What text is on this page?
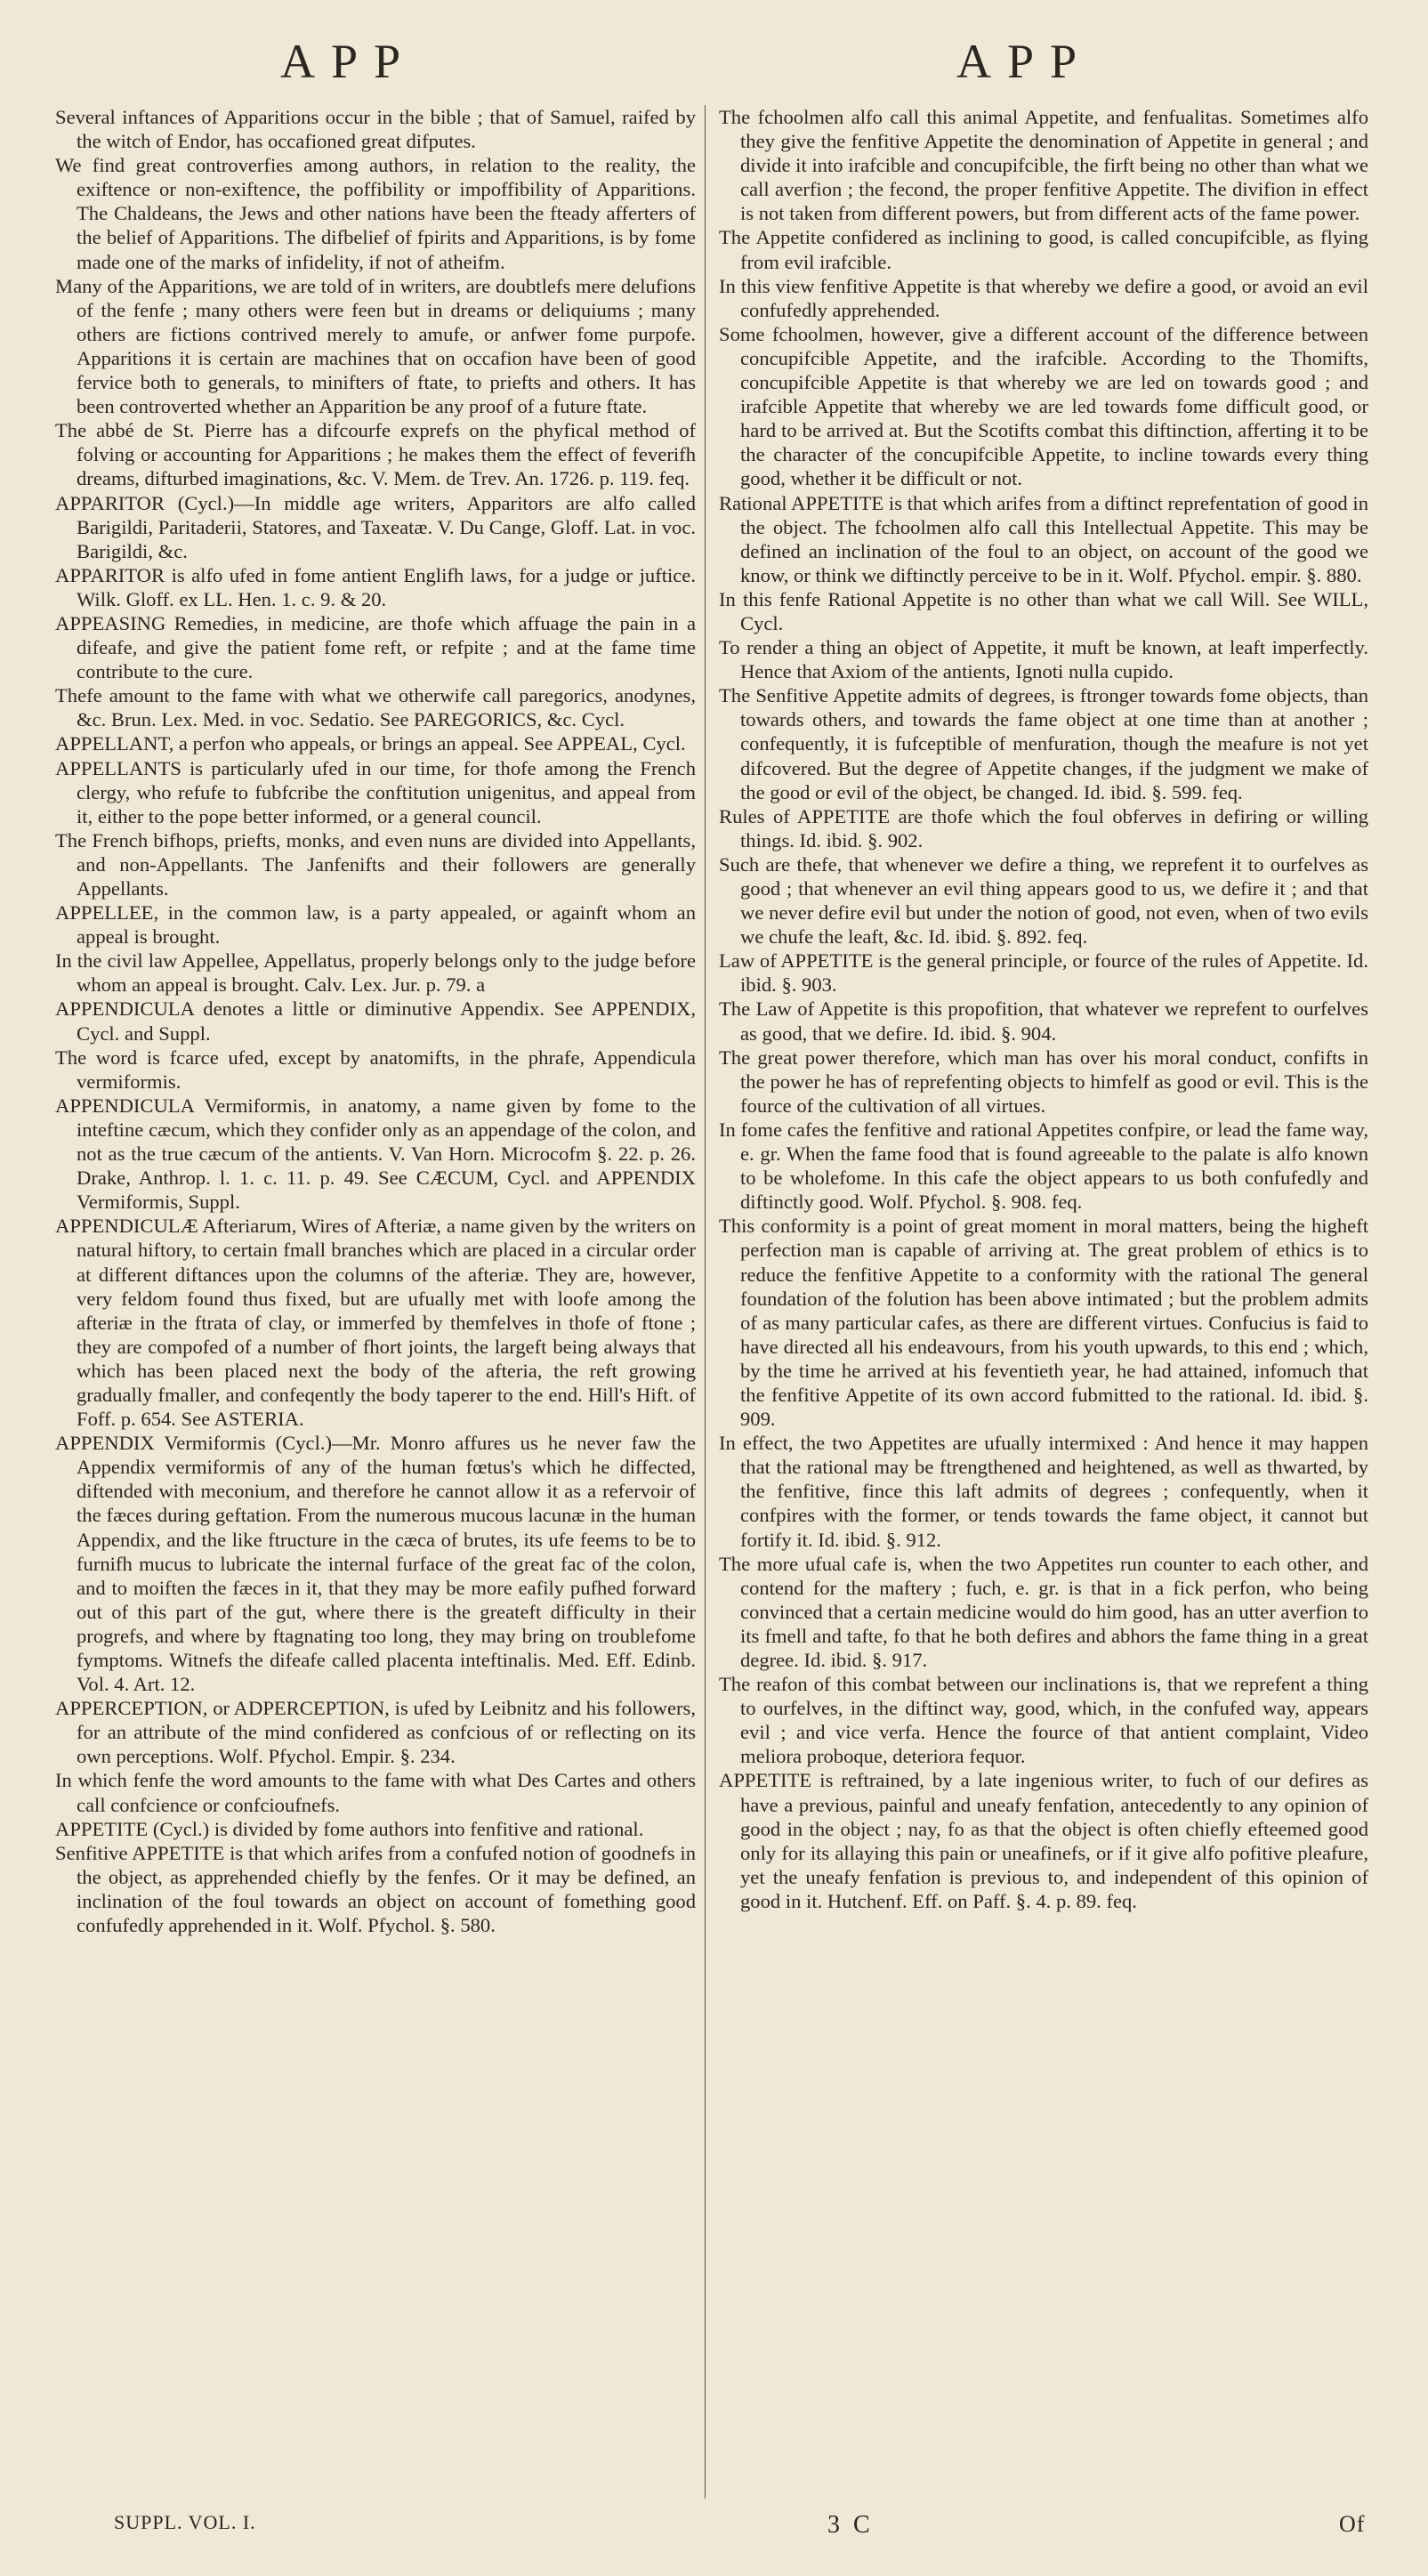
APP	APP

Several inftances of Apparitions occur in the bible ; that of Samuel, raifed by the witch of Endor, has occafioned great difputes.

We find great controverfies among authors, in relation to the reality, the exiftence or non-exiftence, the poffibility or impoffibility of Apparitions. The Chaldeans, the Jews and other nations have been the fteady afferters of the belief of Apparitions. The difbelief of fpirits and Apparitions, is by fome made one of the marks of infidelity, if not of atheifm.

Many of the Apparitions, we are told of in writers, are doubtlefs mere delufions of the fenfe ; many others were feen but in dreams or deliquiums ; many others are fictions contrived merely to amufe, or anfwer fome purpofe. Apparitions it is certain are machines that on occafion have been of good fervice both to generals, to minifters of ftate, to priefts and others. It has been controverted whether an Apparition be any proof of a future ftate.

The abbé de St. Pierre has a difcourfe exprefs on the phyfical method of folving or accounting for Apparitions ; he makes them the effect of feverifh dreams, difturbed imaginations, &c. V. Mem. de Trev. An. 1726. p. 119. feq.

APPARITOR (Cycl.)—In middle age writers, Apparitors are alfo called Barigildi, Paritaderii, Statores, and Taxeatæ. V. Du Cange, Gloff. Lat. in voc. Barigildi, &c.

APPARITOR is alfo ufed in fome antient Englifh laws, for a judge or juftice. Wilk. Gloff. ex LL. Hen. 1. c. 9. & 20.

APPEASING Remedies, in medicine, are thofe which affuage the pain in a difeafe, and give the patient fome reft, or refpite ; and at the fame time contribute to the cure.

Thefe amount to the fame with what we otherwife call paregorics, anodynes, &c. Brun. Lex. Med. in voc. Sedatio. See PAREGORICS, &c. Cycl.

APPELLANT, a perfon who appeals, or brings an appeal. See APPEAL, Cycl.

APPELLANTS is particularly ufed in our time, for thofe among the French clergy, who refufe to fubfcribe the conftitution unigenitus, and appeal from it, either to the pope better informed, or a general council.

The French bifhops, priefts, monks, and even nuns are divided into Appellants, and non-Appellants. The Janfenifts and their followers are generally Appellants.

APPELLEE, in the common law, is a party appealed, or againft whom an appeal is brought.

In the civil law Appellee, Appellatus, properly belongs only to the judge before whom an appeal is brought. Calv. Lex. Jur. p. 79. a

APPENDICULA denotes a little or diminutive Appendix. See APPENDIX, Cycl. and Suppl.

The word is fcarce ufed, except by anatomifts, in the phrafe, Appendicula vermiformis.

APPENDICULA Vermiformis, in anatomy, a name given by fome to the inteftine cæcum, which they confider only as an appendage of the colon, and not as the true cæcum of the antients. V. Van Horn. Microcofm §. 22. p. 26. Drake, Anthrop. l. 1. c. 11. p. 49. See CÆCUM, Cycl. and APPENDIX Vermiformis, Suppl.

APPENDICULÆ Afteriarum, Wires of Afteriæ, a name given by the writers on natural hiftory, to certain fmall branches which are placed in a circular order at different diftances upon the columns of the afteriæ. They are, however, very feldom found thus fixed, but are ufually met with loofe among the afteriæ in the ftrata of clay, or immerfed by themfelves in thofe of ftone ; they are compofed of a number of fhort joints, the largeft being always that which has been placed next the body of the afteria, the reft growing gradually fmaller, and confeqently the body taperer to the end. Hill's Hift. of Foff. p. 654. See ASTERIA.

APPENDIX Vermiformis (Cycl.)—Mr. Monro affures us he never faw the Appendix vermiformis of any of the human fœtus's which he diffected, diftended with meconium, and therefore he cannot allow it as a refervoir of the fæces during geftation. From the numerous mucous lacunæ in the human Appendix, and the like ftructure in the cæca of brutes, its ufe feems to be to furnifh mucus to lubricate the internal furface of the great fac of the colon, and to moiften the fæces in it, that they may be more eafily pufhed forward out of this part of the gut, where there is the greateft difficulty in their progrefs, and where by ftagnating too long, they may bring on troublefome fymptoms. Witnefs the difeafe called placenta inteftinalis. Med. Eff. Edinb. Vol. 4. Art. 12.

APPERCEPTION, or ADPERCEPTION, is ufed by Leibnitz and his followers, for an attribute of the mind confidered as confcious of or reflecting on its own perceptions. Wolf. Pfychol. Empir. §. 234.

In which fenfe the word amounts to the fame with what Des Cartes and others call confcience or confcioufnefs.

APPETITE (Cycl.) is divided by fome authors into fenfitive and rational.

Senfitive APPETITE is that which arifes from a confufed notion of goodnefs in the object, as apprehended chiefly by the fenfes. Or it may be defined, an inclination of the foul towards an object on account of fomething good confufedly apprehended in it. Wolf. Pfychol. §. 580.

The fchoolmen alfo call this animal Appetite, and fenfualitas. Sometimes alfo they give the fenfitive Appetite the denomination of Appetite in general ; and divide it into irafcible and concupifcible, the firft being no other than what we call averfion ; the fecond, the proper fenfitive Appetite. The divifion in effect is not taken from different powers, but from different acts of the fame power.

The Appetite confidered as inclining to good, is called concupifcible, as flying from evil irafcible.

In this view fenfitive Appetite is that whereby we defire a good, or avoid an evil confufedly apprehended.

Some fchoolmen, however, give a different account of the difference between concupifcible Appetite, and the irafcible. According to the Thomifts, concupifcible Appetite is that whereby we are led on towards good ; and irafcible Appetite that whereby we are led towards fome difficult good, or hard to be arrived at. But the Scotifts combat this diftinction, afferting it to be the character of the concupifcible Appetite, to incline towards every thing good, whether it be difficult or not.

Rational APPETITE is that which arifes from a diftinct reprefentation of good in the object. The fchoolmen alfo call this Intellectual Appetite. This may be defined an inclination of the foul to an object, on account of the good we know, or think we diftinctly perceive to be in it. Wolf. Pfychol. empir. §. 880.

In this fenfe Rational Appetite is no other than what we call Will. See WILL, Cycl.

To render a thing an object of Appetite, it muft be known, at leaft imperfectly. Hence that Axiom of the antients, Ignoti nulla cupido.

The Senfitive Appetite admits of degrees, is ftronger towards fome objects, than towards others, and towards the fame object at one time than at another ; confequently, it is fufceptible of menfuration, though the meafure is not yet difcovered. But the degree of Appetite changes, if the judgment we make of the good or evil of the object, be changed. Id. ibid. §. 599. feq.

Rules of APPETITE are thofe which the foul obferves in defiring or willing things. Id. ibid. §. 902.

Such are thefe, that whenever we defire a thing, we reprefent it to ourfelves as good ; that whenever an evil thing appears good to us, we defire it ; and that we never defire evil but under the notion of good, not even, when of two evils we chufe the leaft, &c. Id. ibid. §. 892. feq.

Law of APPETITE is the general principle, or fource of the rules of Appetite. Id. ibid. §. 903.

The Law of Appetite is this propofition, that whatever we reprefent to ourfelves as good, that we defire. Id. ibid. §. 904.

The great power therefore, which man has over his moral conduct, confifts in the power he has of reprefenting objects to himfelf as good or evil. This is the fource of the cultivation of all virtues.

In fome cafes the fenfitive and rational Appetites confpire, or lead the fame way, e. gr. When the fame food that is found agreeable to the palate is alfo known to be wholefome. In this cafe the object appears to us both confufedly and diftinctly good. Wolf. Pfychol. §. 908. feq.

This conformity is a point of great moment in moral matters, being the higheft perfection man is capable of arriving at. The great problem of ethics is to reduce the fenfitive Appetite to a conformity with the rational The general foundation of the folution has been above intimated ; but the problem admits of as many particular cafes, as there are different virtues. Confucius is faid to have directed all his endeavours, from his youth upwards, to this end ; which, by the time he arrived at his feventieth year, he had attained, infomuch that the fenfitive Appetite of its own accord fubmitted to the rational. Id. ibid. §. 909.

In effect, the two Appetites are ufually intermixed : And hence it may happen that the rational may be ftrengthened and heightened, as well as thwarted, by the fenfitive, fince this laft admits of degrees ; confequently, when it confpires with the former, or tends towards the fame object, it cannot but fortify it. Id. ibid. §. 912.

The more ufual cafe is, when the two Appetites run counter to each other, and contend for the maftery ; fuch, e. gr. is that in a fick perfon, who being convinced that a certain medicine would do him good, has an utter averfion to its fmell and tafte, fo that he both defires and abhors the fame thing in a great degree. Id. ibid. §. 917.

The reafon of this combat between our inclinations is, that we reprefent a thing to ourfelves, in the diftinct way, good, which, in the confufed way, appears evil ; and vice verfa. Hence the fource of that antient complaint, Video meliora proboque, deteriora fequor.

APPETITE is reftrained, by a late ingenious writer, to fuch of our defires as have a previous, painful and uneafy fenfation, antecedently to any opinion of good in the object ; nay, fo as that the object is often chiefly efteemed good only for its allaying this pain or uneafinefs, or if it give alfo pofitive pleafure, yet the uneafy fenfation is previous to, and independent of this opinion of good in it. Hutchenf. Eff. on Paff. §. 4. p. 89. feq.

SUPPL. VOL. I.	3 C	Of
